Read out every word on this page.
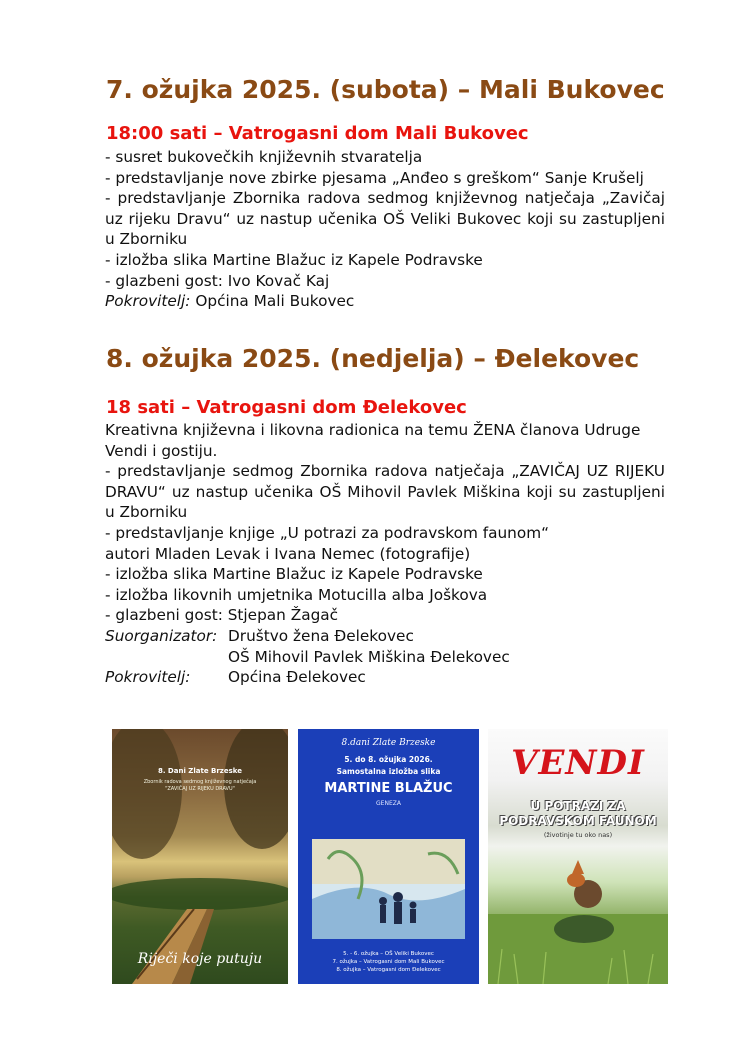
7. ožujka 2025. (subota) – Mali Bukovec
18:00 sati – Vatrogasni dom Mali Bukovec

- susret bukovečkih književnih stvaratelja

- predstavljanje nove zbirke pjesama „Anđeo s greškom“ Sanje Krušelj

- predstavljanje Zbornika radova sedmog književnog natječaja „Zavičaj uz rijeku Dravu“ uz nastup učenika OŠ Veliki Bukovec koji su zastupljeni u Zborniku

- izložba slika Martine Blažuc iz Kapele Podravske

- glazbeni gost: Ivo Kovač Kaj

Pokrovitelj: Općina Mali Bukovec

8. ožujka 2025. (nedjelja) – Đelekovec
18 sati – Vatrogasni dom Đelekovec

Kreativna književna i likovna radionica na temu ŽENA članova Udruge Vendi i gostiju.

- predstavljanje sedmog Zbornika radova natječaja „ZAVIČAJ UZ RIJEKU DRAVU“ uz nastup učenika OŠ Mihovil Pavlek Miškina koji su zastupljeni u Zborniku

- predstavljanje knjige „U potrazi za podravskom faunom“

autori Mladen Levak i Ivana Nemec (fotografije)

- izložba slika Martine Blažuc iz Kapele Podravske

- izložba likovnih umjetnika Motucilla alba Joškova

- glazbeni gost: Stjepan Žagač

Suorganizator: Društvo žena Đelekovec

OŠ Mihovil Pavlek Miškina Đelekovec

Pokrovitelj: Općina Đelekovec

8. Dani Zlate Brzeske

Zbornik radova sedmog književnog natječaja "ZAVIČAJ UZ RIJEKU DRAVU"

Riječi koje putuju

8.dani Zlate Brzeske

5. do 8. ožujka 2026.

Samostalna izložba slika

MARTINE BLAŽUC

GENEZA

5. - 6. ožujka – OŠ Veliki Bukovec

7. ožujka – Vatrogasni dom Mali Bukovec

8. ožujka – Vatrogasni dom Đelekovec

VENDI

U POTRAZI ZA

PODRAVSKOM FAUNOM

(životinje tu oko nas)
